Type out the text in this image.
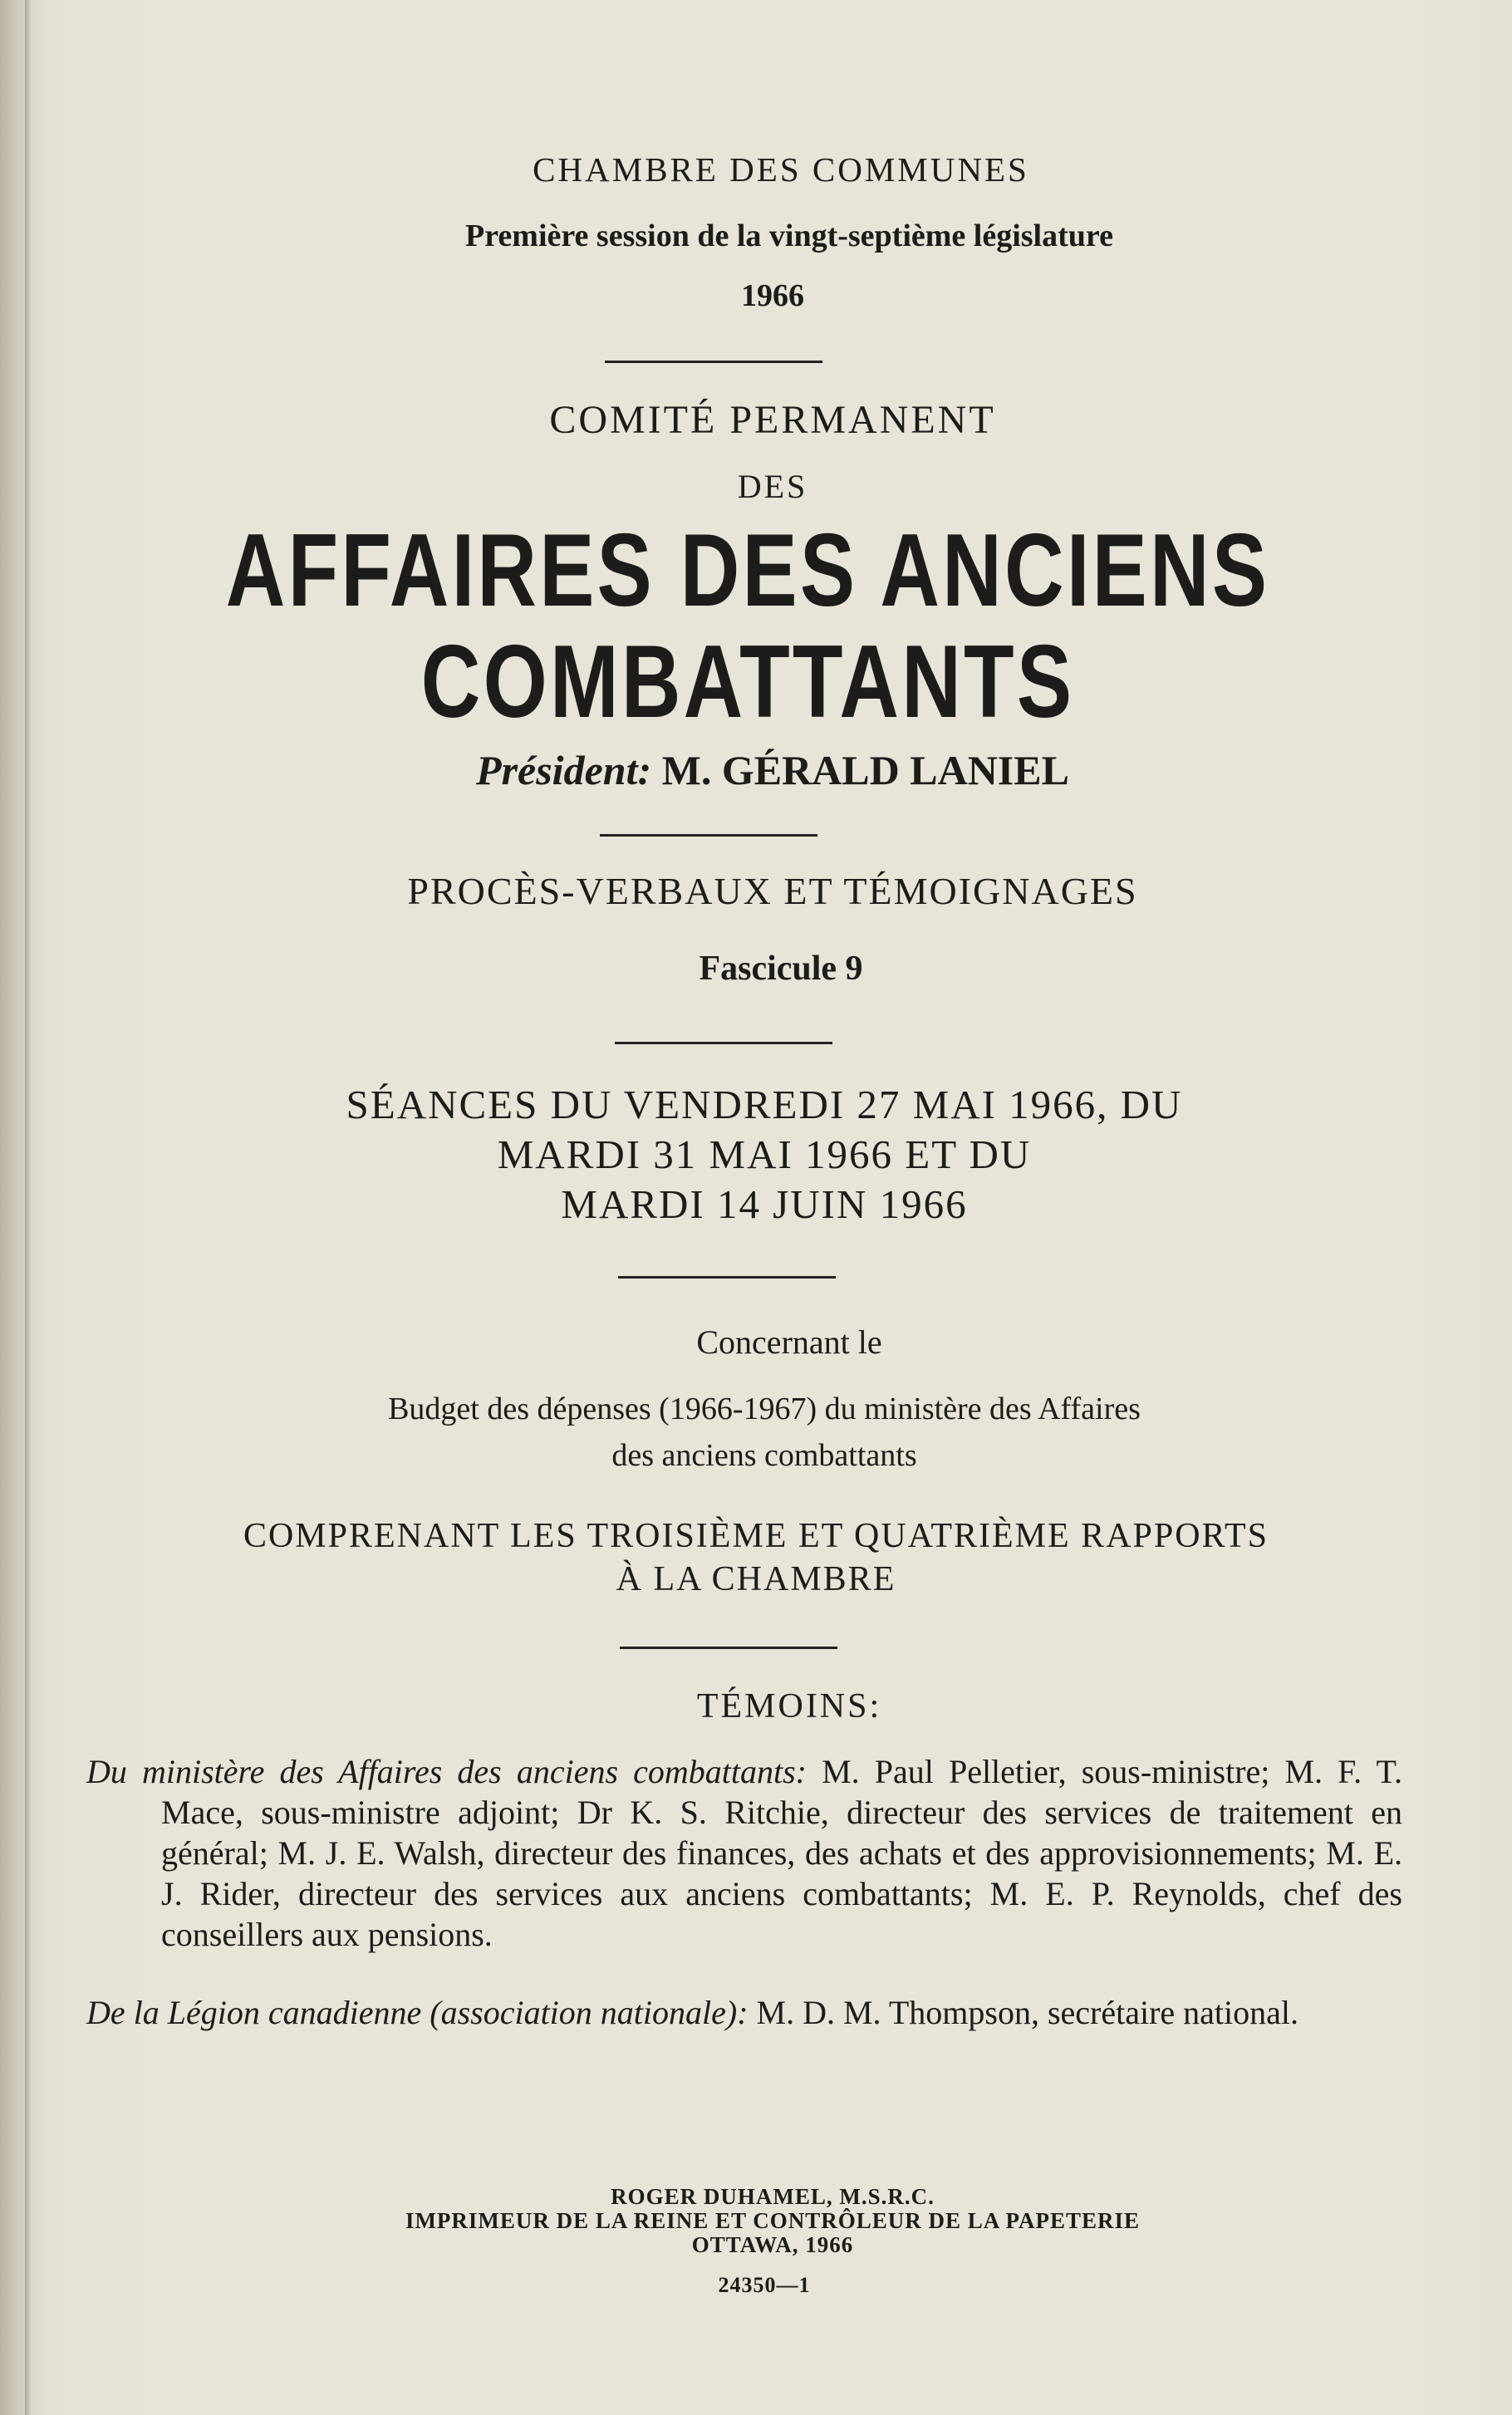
CHAMBRE DES COMMUNES
Première session de la vingt-septième législature
1966
COMITÉ PERMANENT
DES
AFFAIRES DES ANCIENS
COMBATTANTS
Président: M. GÉRALD LANIEL
PROCÈS-VERBAUX ET TÉMOIGNAGES
Fascicule 9
SÉANCES DU VENDREDI 27 MAI 1966, DU
MARDI 31 MAI 1966 ET DU
MARDI 14 JUIN 1966
Concernant le
Budget des dépenses (1966-1967) du ministère des Affaires
des anciens combattants
COMPRENANT LES TROISIÈME ET QUATRIÈME RAPPORTS
À LA CHAMBRE
TÉMOINS:

Du ministère des Affaires des anciens combattants: M. Paul Pelletier, sous-ministre; M. F. T. Mace, sous-ministre adjoint; Dr K. S. Ritchie, directeur des services de traitement en général; M. J. E. Walsh, directeur des finances, des achats et des approvisionnements; M. E. J. Rider, directeur des services aux anciens combattants; M. E. P. Reynolds, chef des conseillers aux pensions.

De la Légion canadienne (association nationale): M. D. M. Thompson, secrétaire national.

ROGER DUHAMEL, M.S.R.C.
IMPRIMEUR DE LA REINE ET CONTRÔLEUR DE LA PAPETERIE
OTTAWA, 1966
24350—1
